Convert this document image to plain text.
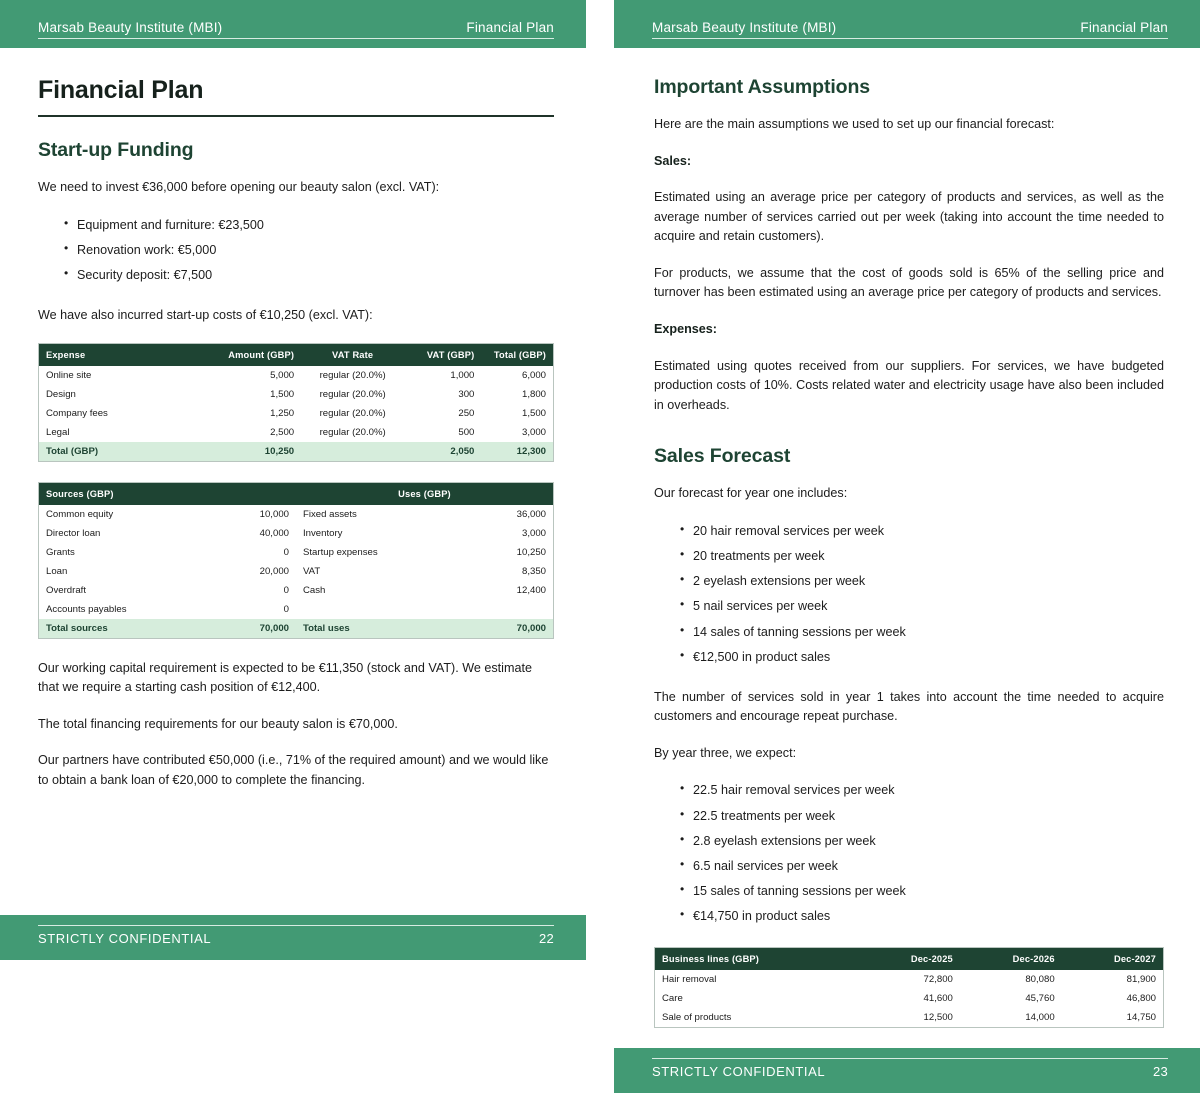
Marsab Beauty Institute (MBI)	Financial Plan
Financial Plan
Start-up Funding

We need to invest €36,000 before opening our beauty salon (excl. VAT):

• Equipment and furniture: €23,500
• Renovation work: €5,000
• Security deposit: €7,500

We have also incurred start-up costs of €10,250 (excl. VAT):

Expense	Amount (GBP)	VAT Rate	VAT (GBP)	Total (GBP)
Online site	5,000	regular (20.0%)	1,000	6,000
Design	1,500	regular (20.0%)	300	1,800
Company fees	1,250	regular (20.0%)	250	1,500
Legal	2,500	regular (20.0%)	500	3,000
Total (GBP)	10,250		2,050	12,300
Sources (GBP)		Uses (GBP)	
Common equity	10,000	Fixed assets	36,000
Director loan	40,000	Inventory	3,000
Grants	0	Startup expenses	10,250
Loan	20,000	VAT	8,350
Overdraft	0	Cash	12,400
Accounts payables	0		
Total sources	70,000	Total uses	70,000

Our working capital requirement is expected to be €11,350 (stock and VAT). We estimate that we require a starting cash position of €12,400.

The total financing requirements for our beauty salon is €70,000.

Our partners have contributed €50,000 (i.e., 71% of the required amount) and we would like to obtain a bank loan of €20,000 to complete the financing.

STRICTLY CONFIDENTIAL	22
Marsab Beauty Institute (MBI)	Financial Plan
Important Assumptions

Here are the main assumptions we used to set up our financial forecast:

Sales:

Estimated using an average price per category of products and services, as well as the average number of services carried out per week (taking into account the time needed to acquire and retain customers).

For products, we assume that the cost of goods sold is 65% of the selling price and turnover has been estimated using an average price per category of products and services.

Expenses:

Estimated using quotes received from our suppliers. For services, we have budgeted production costs of 10%. Costs related water and electricity usage have also been included in overheads.

Sales Forecast

Our forecast for year one includes:

• 20 hair removal services per week
• 20 treatments per week
• 2 eyelash extensions per week
• 5 nail services per week
• 14 sales of tanning sessions per week
• €12,500 in product sales

The number of services sold in year 1 takes into account the time needed to acquire customers and encourage repeat purchase.

By year three, we expect:

• 22.5 hair removal services per week
• 22.5 treatments per week
• 2.8 eyelash extensions per week
• 6.5 nail services per week
• 15 sales of tanning sessions per week
• €14,750 in product sales
Business lines (GBP)	Dec-2025	Dec-2026	Dec-2027
Hair removal	72,800	80,080	81,900
Care	41,600	45,760	46,800
Sale of products	12,500	14,000	14,750
STRICTLY CONFIDENTIAL	23
